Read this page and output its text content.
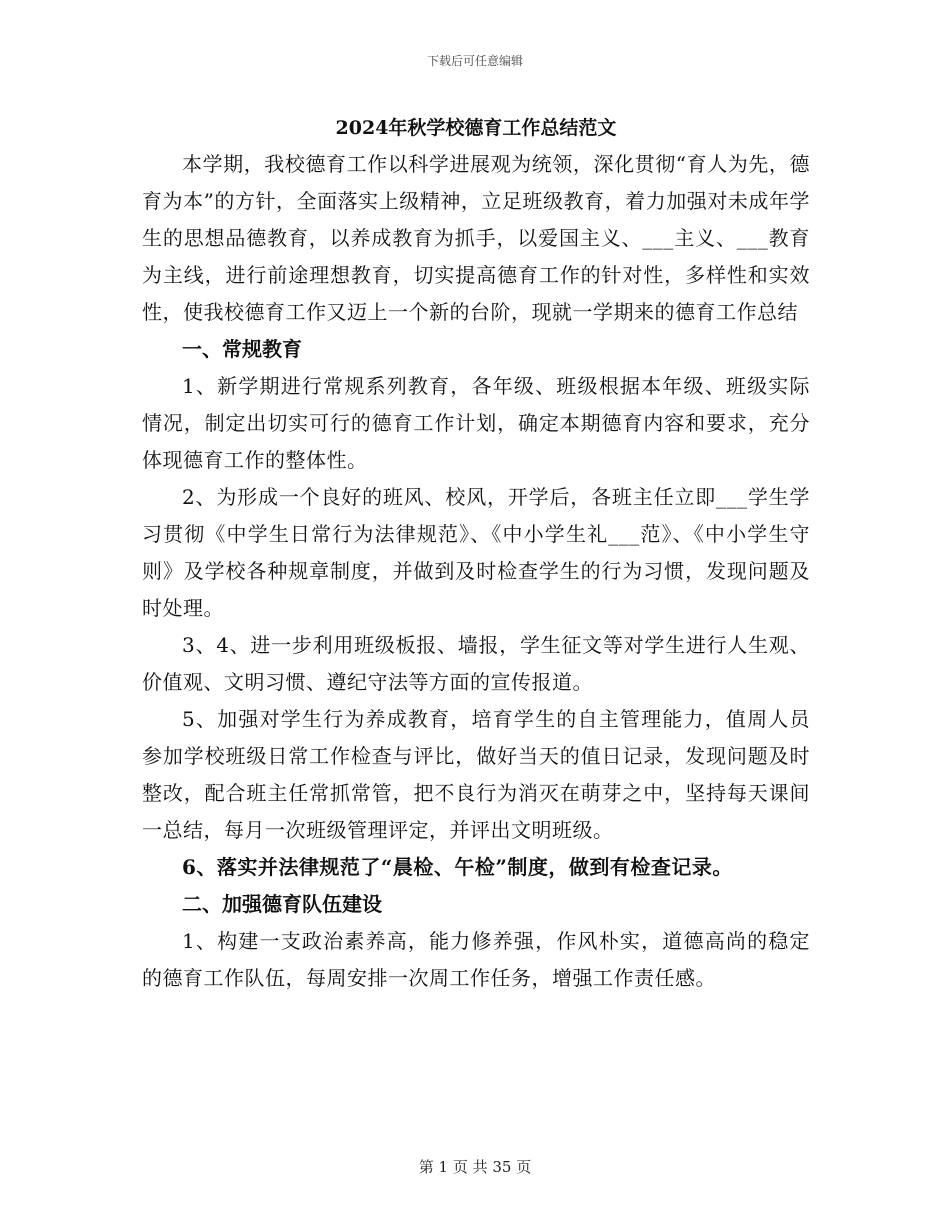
下载后可任意编辑
2024年秋学校德育工作总结范文

本学期，我校德育工作以科学进展观为统领，深化贯彻“育人为先，德育为本”的方针，全面落实上级精神，立足班级教育，着力加强对未成年学生的思想品德教育，以养成教育为抓手，以爱国主义、___主义、___教育为主线，进行前途理想教育，切实提高德育工作的针对性，多样性和实效性，使我校德育工作又迈上一个新的台阶，现就一学期来的德育工作总结

一、常规教育

1、新学期进行常规系列教育，各年级、班级根据本年级、班级实际情况，制定出切实可行的德育工作计划，确定本期德育内容和要求，充分体现德育工作的整体性。

2、为形成一个良好的班风、校风，开学后，各班主任立即___学生学习贯彻《中学生日常行为法律规范》、《中小学生礼___范》、《中小学生守则》及学校各种规章制度，并做到及时检查学生的行为习惯，发现问题及时处理。

3、4、进一步利用班级板报、墙报，学生征文等对学生进行人生观、价值观、文明习惯、遵纪守法等方面的宣传报道。

5、加强对学生行为养成教育，培育学生的自主管理能力，值周人员参加学校班级日常工作检查与评比，做好当天的值日记录，发现问题及时整改，配合班主任常抓常管，把不良行为消灭在萌芽之中，坚持每天课间一总结，每月一次班级管理评定，并评出文明班级。

6、落实并法律规范了“晨检、午检”制度，做到有检查记录。

二、加强德育队伍建设

1、构建一支政治素养高，能力修养强，作风朴实，道德高尚的稳定的德育工作队伍，每周安排一次周工作任务，增强工作责任感。

第 1 页 共 35 页
